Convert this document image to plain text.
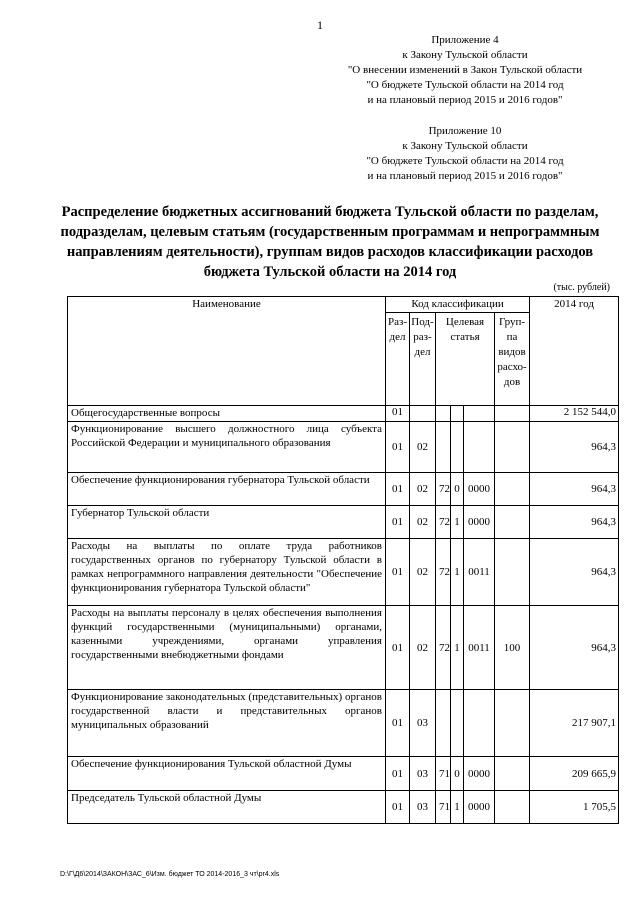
1
Приложение 4
к Закону Тульской области
"О внесении изменений в Закон Тульской области
"О бюджете Тульской области на 2014 год
и на плановый период 2015 и 2016 годов"
Приложение 10
к Закону Тульской области
"О бюджете Тульской области на 2014 год
и на плановый период 2015 и 2016 годов"
Распределение бюджетных ассигнований бюджета Тульской области по разделам, подразделам, целевым статьям (государственным программам и непрограммным направлениям деятельности), группам видов расходов классификации расходов бюджета Тульской области на 2014 год
(тыс. рублей)
Наименование	Код классификации						2014 год
	Раз-дел	Под-раз-дел	Целевая статья			Груп-па видов расхо-дов	
Общегосударственные вопросы	01						2 152 544,0
Функционирование высшего должностного лица субъекта Российской Федерации и муниципального образования	01	02					964,3
Обеспечение функционирования губернатора Тульской области	01	02	72	0	0000		964,3
Губернатор Тульской области	01	02	72	1	0000		964,3
Расходы на выплаты по оплате труда работников государственных органов по губернатору Тульской области в рамках непрограммного направления деятельности "Обеспечение функционирования губернатора Тульской области"	01	02	72	1	0011		964,3
Расходы на выплаты персоналу в целях обеспечения выполнения функций государственными (муниципальными) органами, казенными учреждениями, органами управления государственными внебюджетными фондами	01	02	72	1	0011	100	964,3
Функционирование законодательных (представительных) органов государственной власти и представительных органов муниципальных образований	01	03					217 907,1
Обеспечение функционирования Тульской областной Думы	01	03	71	0	0000		209 665,9
Председатель Тульской областной Думы	01	03	71	1	0000		1 705,5
D:\Г\Д6\2014\ЗАКОН\ЗАС_6\Изм. бюджет ТО 2014-2016_3 чт\pr4.xls
